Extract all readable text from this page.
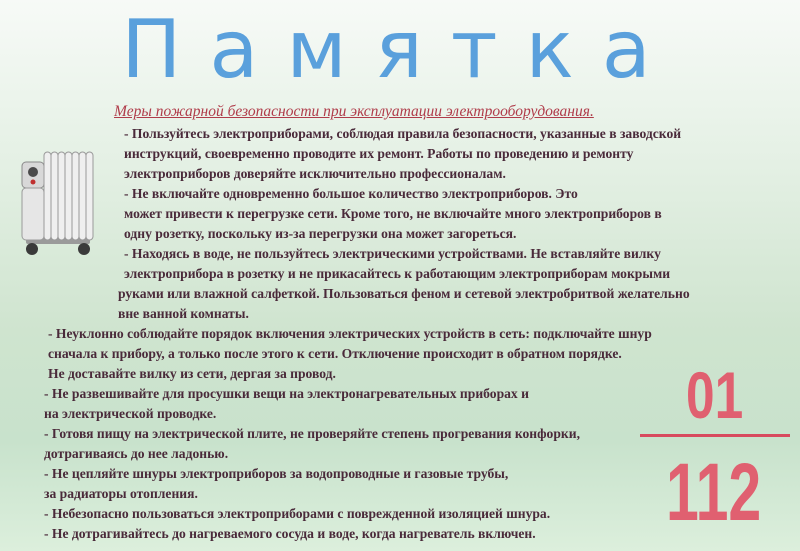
Памятка
Меры пожарной безопасности при эксплуатации электрооборудования.
- Пользуйтесь электроприборами, соблюдая правила безопасности, указанные в заводской
инструкций, своевременно проводите их ремонт. Работы по проведению и ремонту
электроприборов доверяйте исключительно профессионалам.
- Не включайте одновременно большое количество электроприборов. Это
может привести к перегрузке сети. Кроме того, не включайте много электроприборов в
одну розетку, поскольку из-за перегрузки она может загореться.
- Находясь в воде, не пользуйтесь электрическими устройствами. Не вставляйте вилку
электроприбора в розетку и не прикасайтесь к работающим электроприборам мокрыми
руками или влажной салфеткой. Пользоваться феном и сетевой электробритвой желательно
вне ванной комнаты.
- Неуклонно соблюдайте порядок включения электрических устройств в сеть: подключайте шнур
сначала к прибору, а только после этого к сети. Отключение происходит в обратном порядке.
Не доставайте вилку из сети, дергая за провод.
- Не развешивайте для просушки вещи на электронагревательных приборах и
на электрической проводке.
- Готовя пищу на электрической плите, не проверяйте степень прогревания конфорки,
дотрагиваясь до нее ладонью.
- Не цепляйте шнуры электроприборов за водопроводные и газовые трубы,
за радиаторы отопления.
- Небезопасно пользоваться электроприборами с поврежденной изоляцией шнура.
- Не дотрагивайтесь до нагреваемого сосуда и воде, когда нагреватель включен.
01
112
